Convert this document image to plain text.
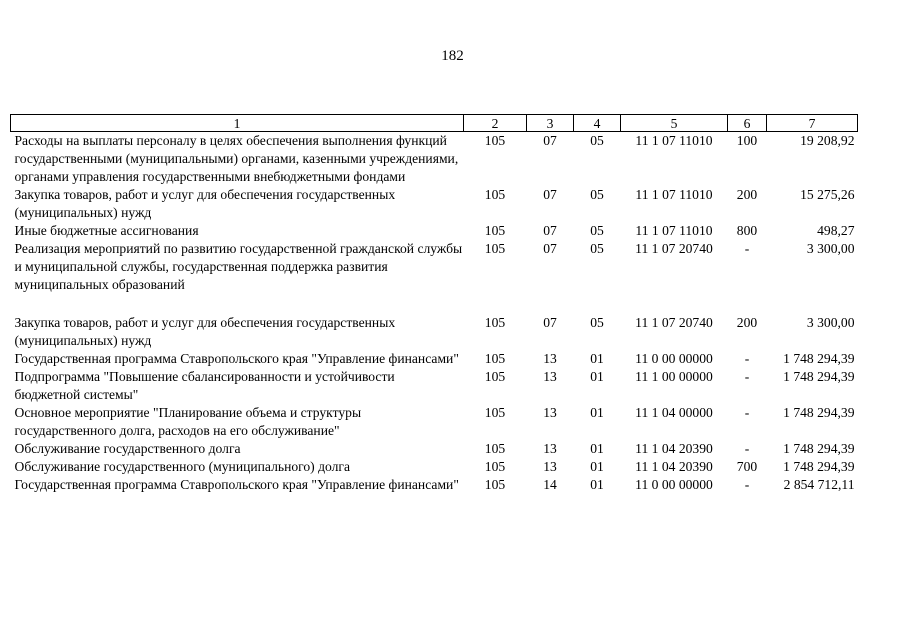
182
1	2	3	4	5	6	7
Расходы на выплаты персоналу в целях обеспечения выполнения функций государственными (муниципальными) органами, казенными учреждениями, органами управления государственными внебюджетными фондами	105	07	05	11 1 07 11010	100	19 208,92
Закупка товаров, работ и услуг для обеспечения государственных (муниципальных) нужд	105	07	05	11 1 07 11010	200	15 275,26
Иные бюджетные ассигнования	105	07	05	11 1 07 11010	800	498,27
Реализация мероприятий по развитию государственной гражданской службы и муниципальной службы, государственная поддержка развития муниципальных образований	105	07	05	11 1 07 20740	-	3 300,00

Закупка товаров, работ и услуг для обеспечения государственных (муниципальных) нужд	105	07	05	11 1 07 20740	200	3 300,00
Государственная программа Ставропольского края "Управление финансами"	105	13	01	11 0 00 00000	-	1 748 294,39
Подпрограмма "Повышение сбалансированности и устойчивости бюджетной системы"	105	13	01	11 1 00 00000	-	1 748 294,39
Основное мероприятие "Планирование объема и структуры государственного долга, расходов на его обслуживание"	105	13	01	11 1 04 00000	-	1 748 294,39
Обслуживание государственного долга	105	13	01	11 1 04 20390	-	1 748 294,39
Обслуживание государственного (муниципального) долга	105	13	01	11 1 04 20390	700	1 748 294,39
Государственная программа Ставропольского края "Управление финансами"	105	14	01	11 0 00 00000	-	2 854 712,11
